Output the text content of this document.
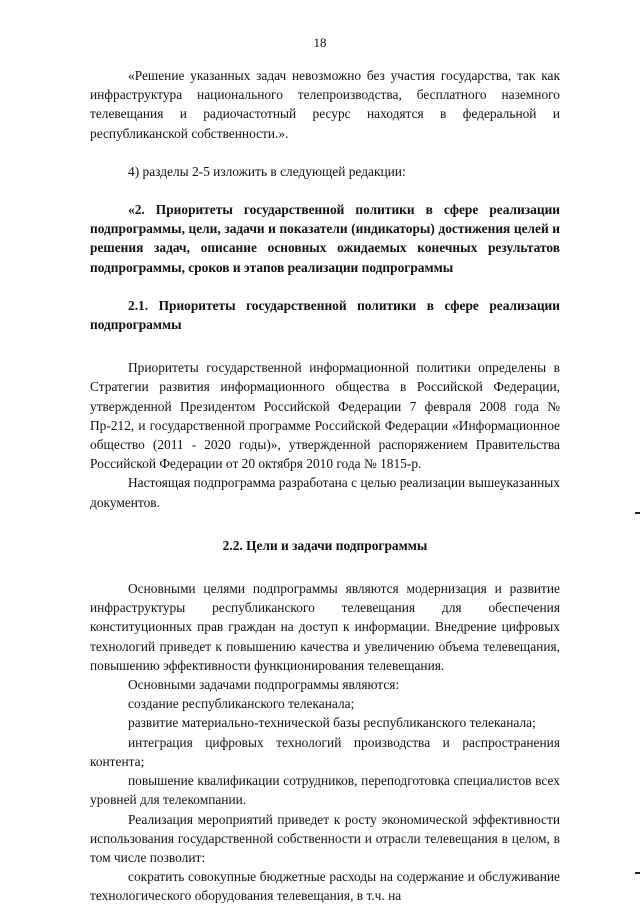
18

«Решение указанных задач невозможно без участия государства, так как инфраструктура национального телепроизводства, бесплатного наземного телевещания и радиочастотный ресурс находятся в федеральной и республиканской собственности.».

4) разделы 2-5 изложить в следующей редакции:

«2. Приоритеты государственной политики в сфере реализации подпрограммы, цели, задачи и показатели (индикаторы) достижения целей и решения задач, описание основных ожидаемых конечных результатов подпрограммы, сроков и этапов реализации подпрограммы

2.1. Приоритеты государственной политики в сфере реализации подпрограммы

Приоритеты государственной информационной политики определены в Стратегии развития информационного общества в Российской Федерации, утвержденной Президентом Российской Федерации 7 февраля 2008 года № Пр-212, и государственной программе Российской Федерации «Информационное общество (2011 - 2020 годы)», утвержденной распоряжением Правительства Российской Федерации от 20 октября 2010 года № 1815-р.

Настоящая подпрограмма разработана с целью реализации вышеуказанных документов.

2.2. Цели и задачи подпрограммы

Основными целями подпрограммы являются модернизация и развитие инфраструктуры республиканского телевещания для обеспечения конституционных прав граждан на доступ к информации. Внедрение цифровых технологий приведет к повышению качества и увеличению объема телевещания, повышению эффективности функционирования телевещания.

Основными задачами подпрограммы являются:

создание республиканского телеканала;

развитие материально-технической базы республиканского телеканала;

интеграция цифровых технологий производства и распространения контента;

повышение квалификации сотрудников, переподготовка специалистов всех уровней для телекомпании.

Реализация мероприятий приведет к росту экономической эффективности использования государственной собственности и отрасли телевещания в целом, в том числе позволит:

сократить совокупные бюджетные расходы на содержание и обслуживание технологического оборудования телевещания, в т.ч. на
